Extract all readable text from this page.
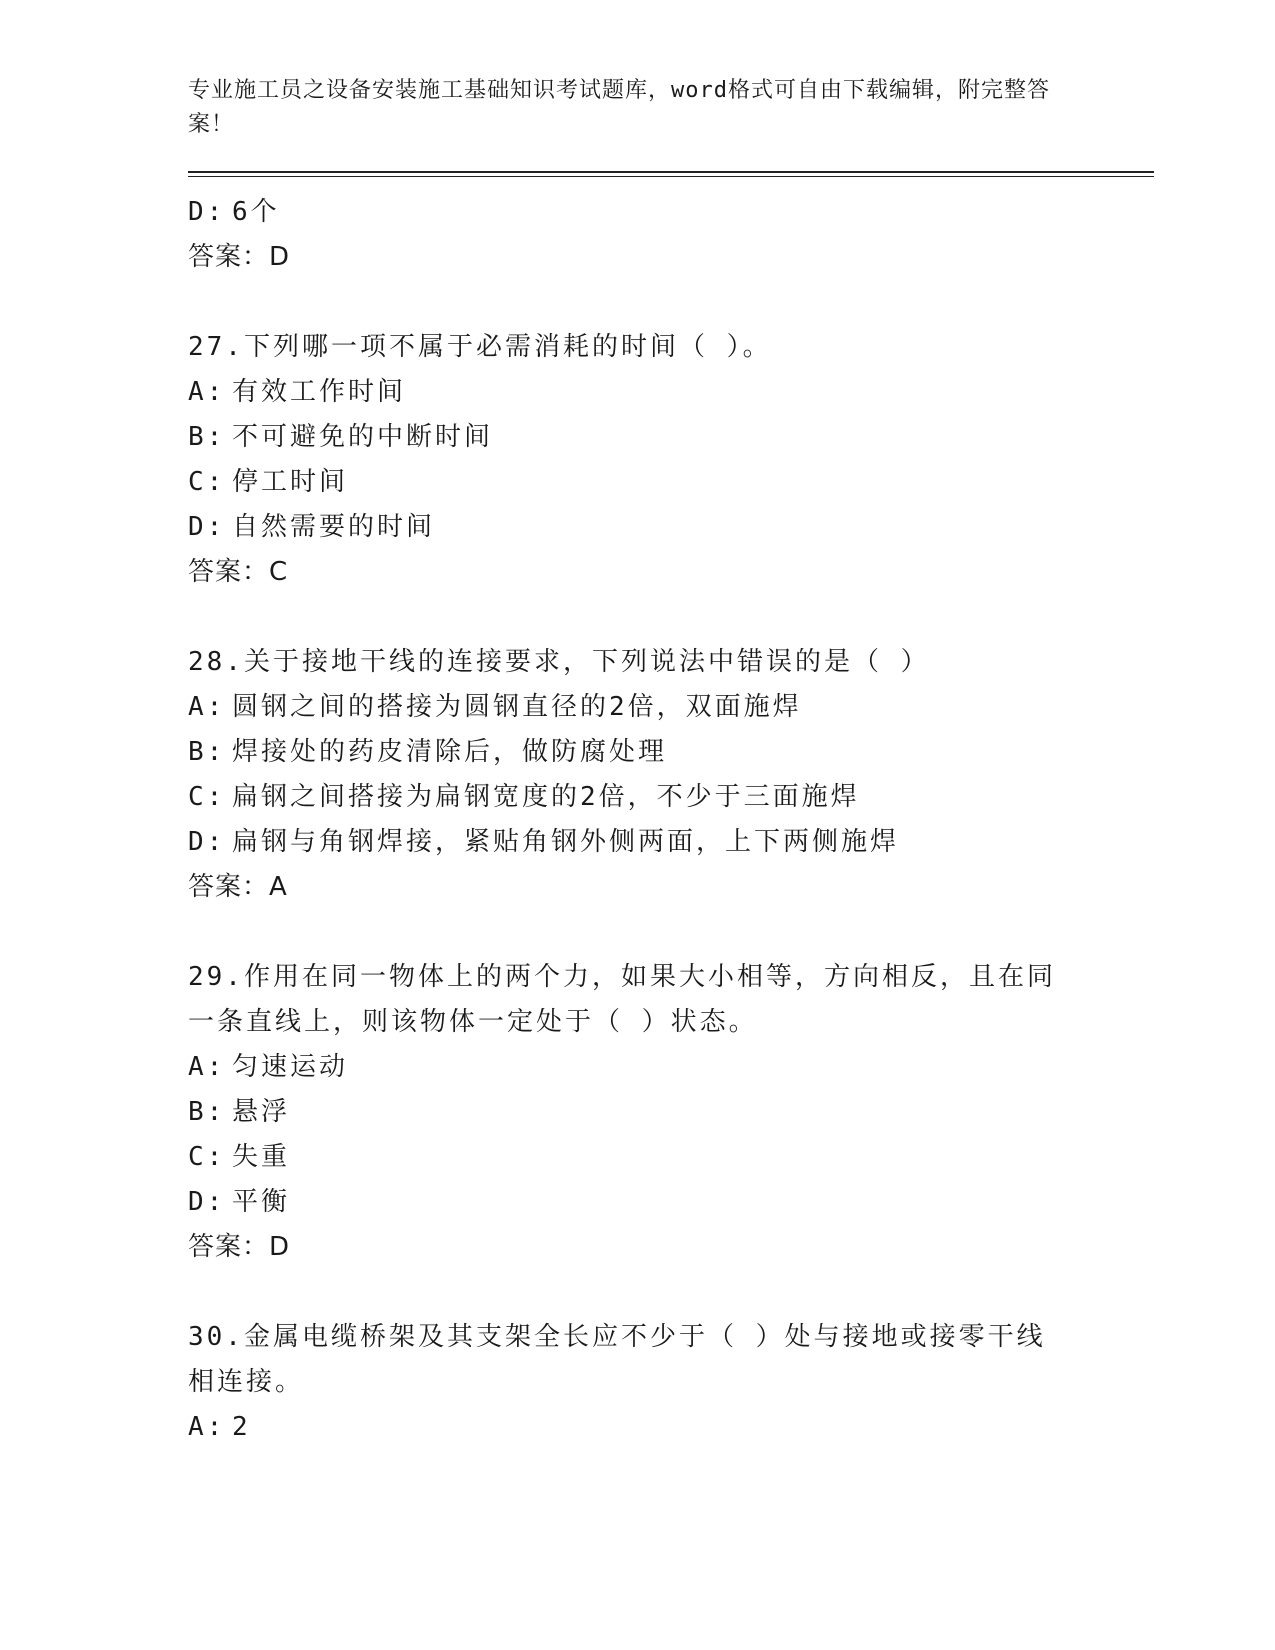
专业施工员之设备安装施工基础知识考试题库，word格式可自由下载编辑，附完整答案！
D: 6个
答案：D
27.下列哪一项不属于必需消耗的时间（ ）。
A: 有效工作时间
B: 不可避免的中断时间
C: 停工时间
D: 自然需要的时间
答案：C
28.关于接地干线的连接要求，下列说法中错误的是（ ）
A: 圆钢之间的搭接为圆钢直径的2倍，双面施焊
B: 焊接处的药皮清除后，做防腐处理
C: 扁钢之间搭接为扁钢宽度的2倍，不少于三面施焊
D: 扁钢与角钢焊接，紧贴角钢外侧两面，上下两侧施焊
答案：A
29.作用在同一物体上的两个力，如果大小相等，方向相反，且在同一条直线上，则该物体一定处于（ ）状态。
A: 匀速运动
B: 悬浮
C: 失重
D: 平衡
答案：D
30.金属电缆桥架及其支架全长应不少于（ ）处与接地或接零干线相连接。
A: 2
